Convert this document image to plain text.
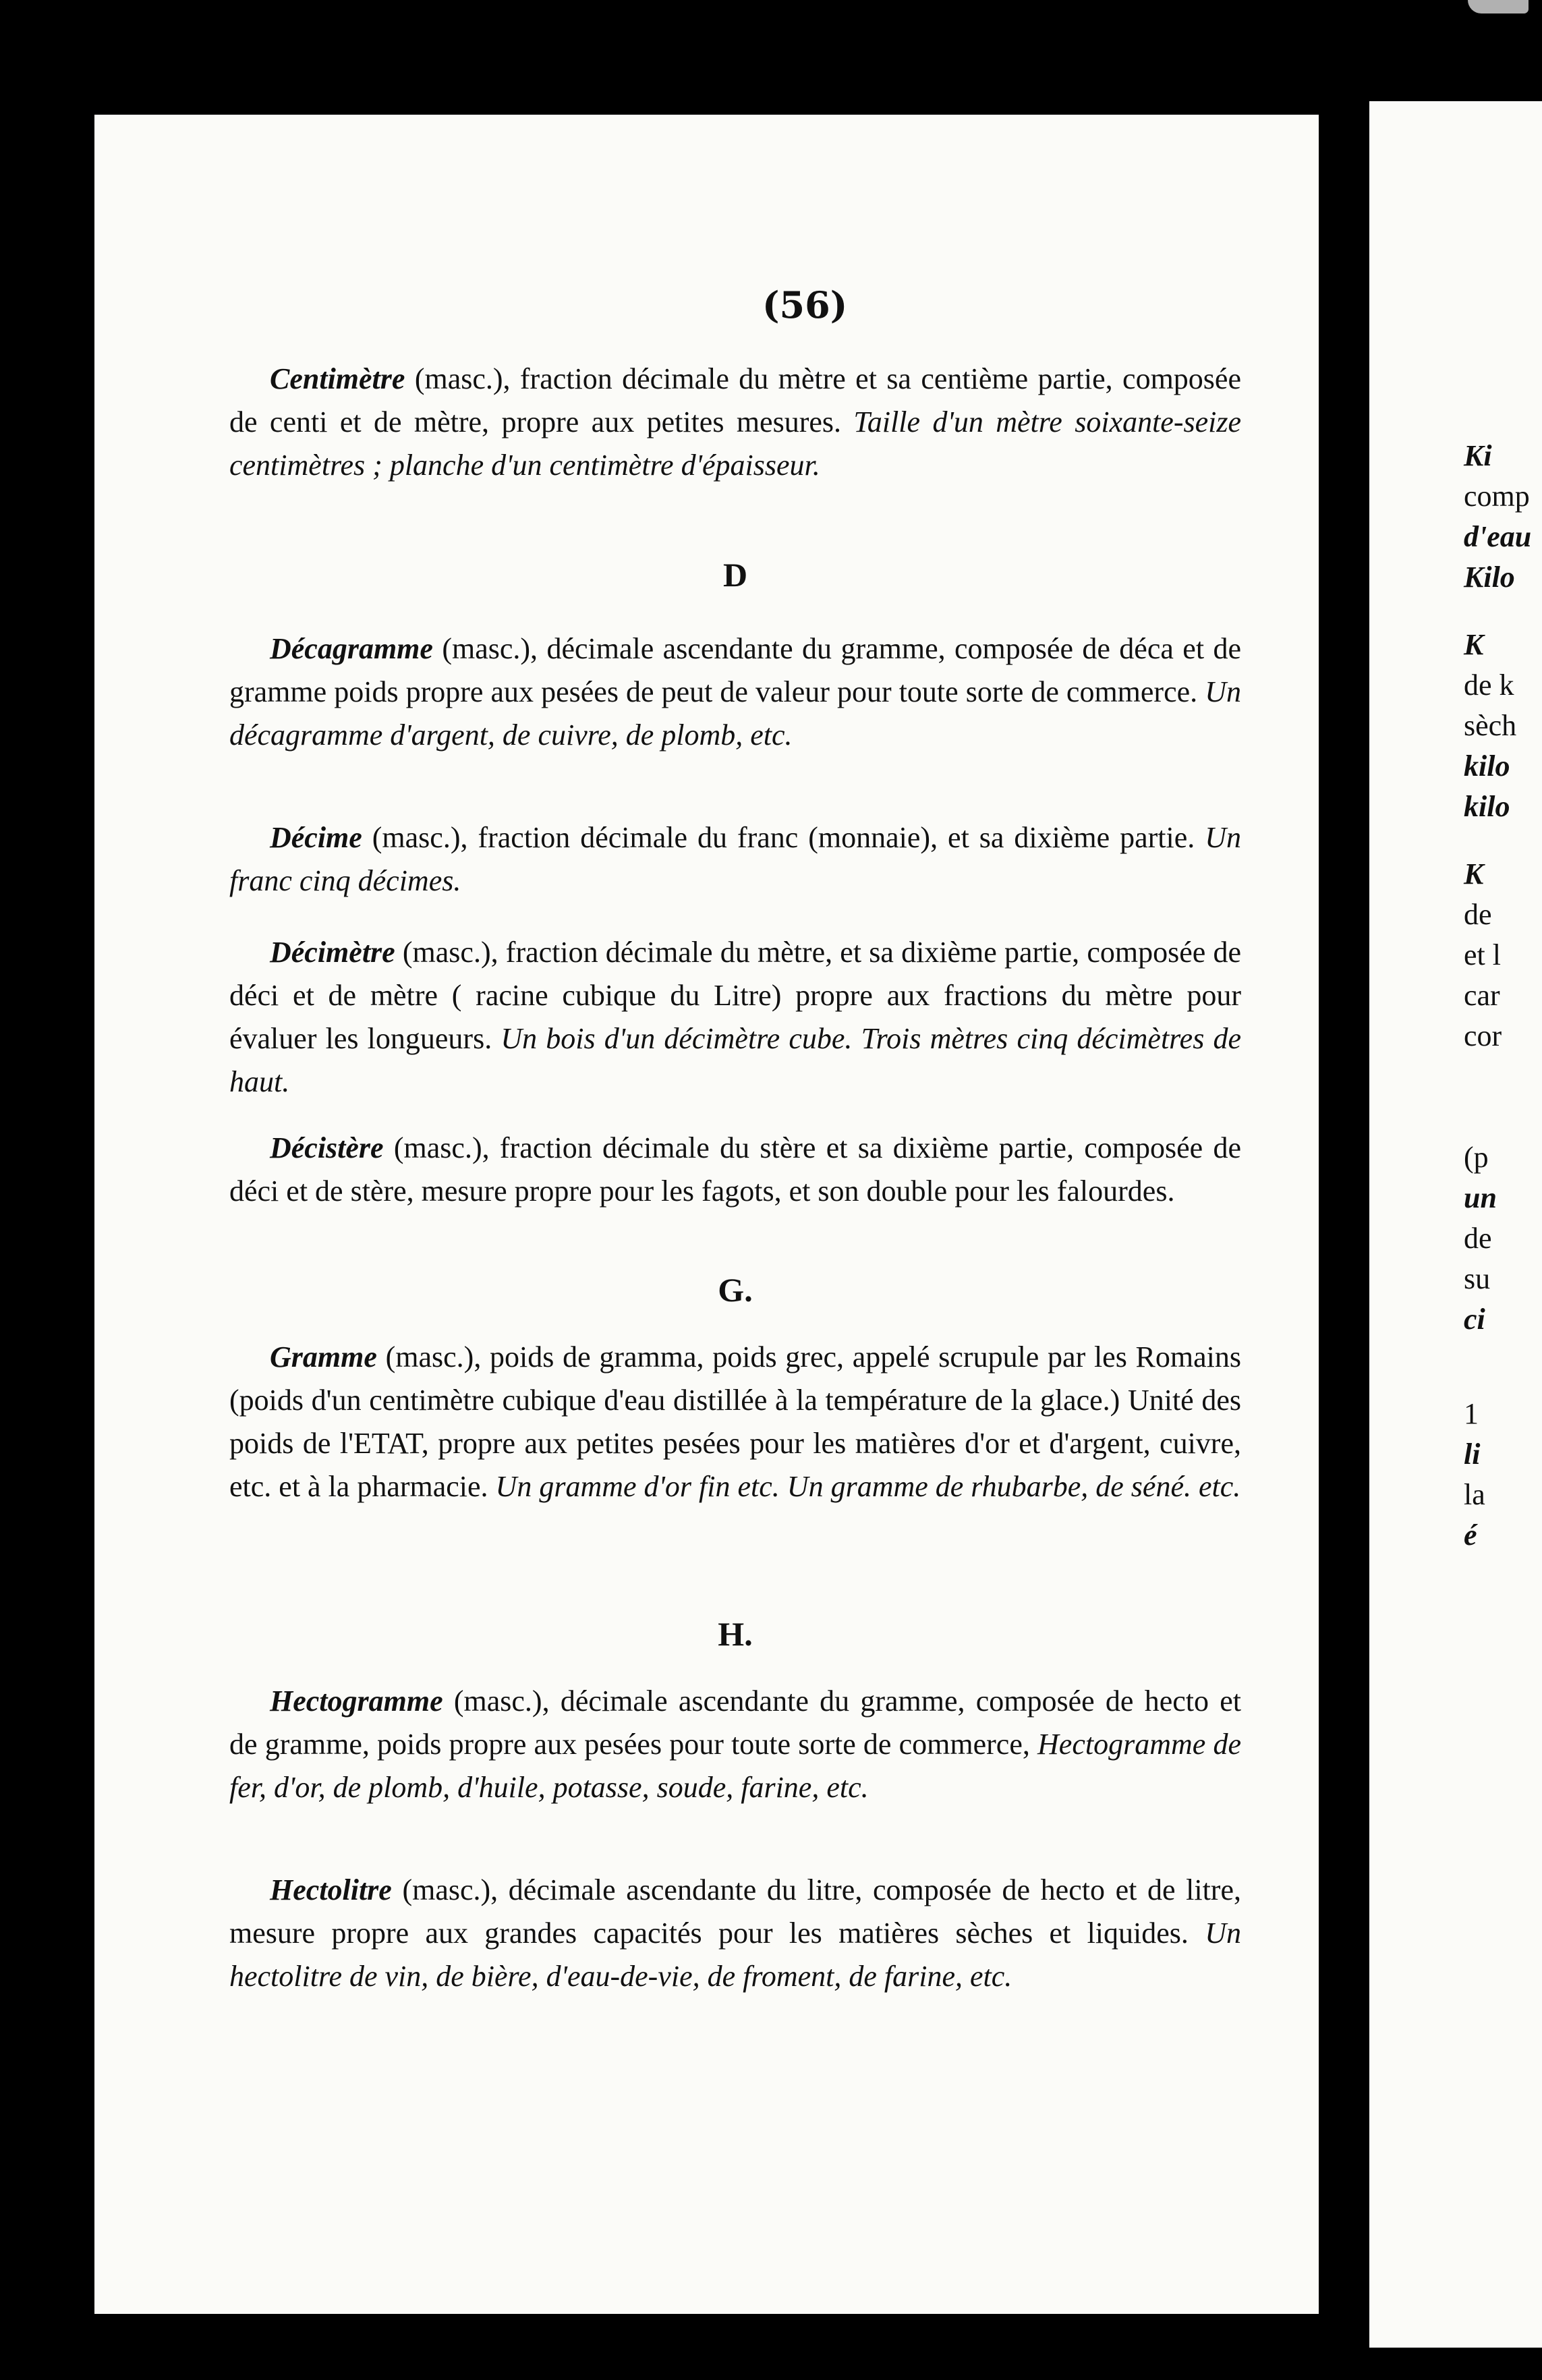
(56)
Centimètre (masc.), fraction décimale du mètre et sa centième partie, composée de centi et de mètre, propre aux petites mesures. Taille d'un mètre soixante-seize centimètres ; planche d'un centimètre d'épaisseur.
D
Décagramme (masc.), décimale ascendante du gramme, composée de déca et de gramme poids propre aux pesées de peut de valeur pour toute sorte de commerce. Un décagramme d'argent, de cuivre, de plomb, etc.
Décime (masc.), fraction décimale du franc (monnaie), et sa dixième partie. Un franc cinq décimes.
Décimètre (masc.), fraction décimale du mètre, et sa dixième partie, composée de déci et de mètre ( racine cubique du Litre) propre aux fractions du mètre pour évaluer les longueurs. Un bois d'un décimètre cube. Trois mètres cinq décimètres de haut.
Décistère (masc.), fraction décimale du stère et sa dixième partie, composée de déci et de stère, mesure propre pour les fagots, et son double pour les falourdes.
G.
Gramme (masc.), poids de gramma, poids grec, appelé scrupule par les Romains (poids d'un centimètre cubique d'eau distillée à la température de la glace.) Unité des poids de l'ETAT, propre aux petites pesées pour les matières d'or et d'argent, cuivre, etc. et à la pharmacie. Un gramme d'or fin etc. Un gramme de rhubarbe, de séné. etc.
H.
Hectogramme (masc.), décimale ascendante du gramme, composée de hecto et de gramme, poids propre aux pesées pour toute sorte de commerce, Hectogramme de fer, d'or, de plomb, d'huile, potasse, soude, farine, etc.
Hectolitre (masc.), décimale ascendante du litre, composée de hecto et de litre, mesure propre aux grandes capacités pour les matières sèches et liquides. Un hectolitre de vin, de bière, d'eau-de-vie, de froment, de farine, etc.
Ki
comp
d'eau
Kilo
K
de k
sèch
kilo
kilo
K
de
et l
car
cor
(p
un
de
su
ci
1
li
la
é
